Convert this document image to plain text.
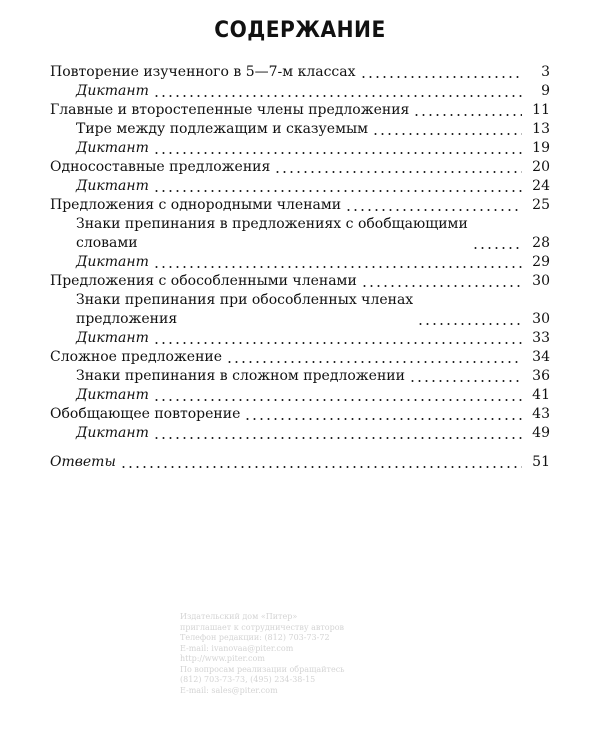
СОДЕРЖАНИЕ
Повторение изученного в 5—7-м классах	3
Диктант	9
Главные и второстепенные члены предложения	11
Тире между подлежащим и сказуемым	13
Диктант	19
Односоставные предложения	20
Диктант	24
Предложения с однородными членами	25
Знаки препинания в предложениях с обобщающими
словами	28
Диктант	29
Предложения с обособленными членами	30
Знаки препинания при обособленных членах
предложения	30
Диктант	33
Сложное предложение	34
Знаки препинания в сложном предложении	36
Диктант	41
Обобщающее повторение	43
Диктант	49
Ответы	51
Издательский дом «Питер»
приглашает к сотрудничеству авторов
Телефон редакции: (812) 703-73-72
E-mail: ivanovaa@piter.com
http://www.piter.com
По вопросам реализации обращайтесь
(812) 703-73-73, (495) 234-38-15
E-mail: sales@piter.com
